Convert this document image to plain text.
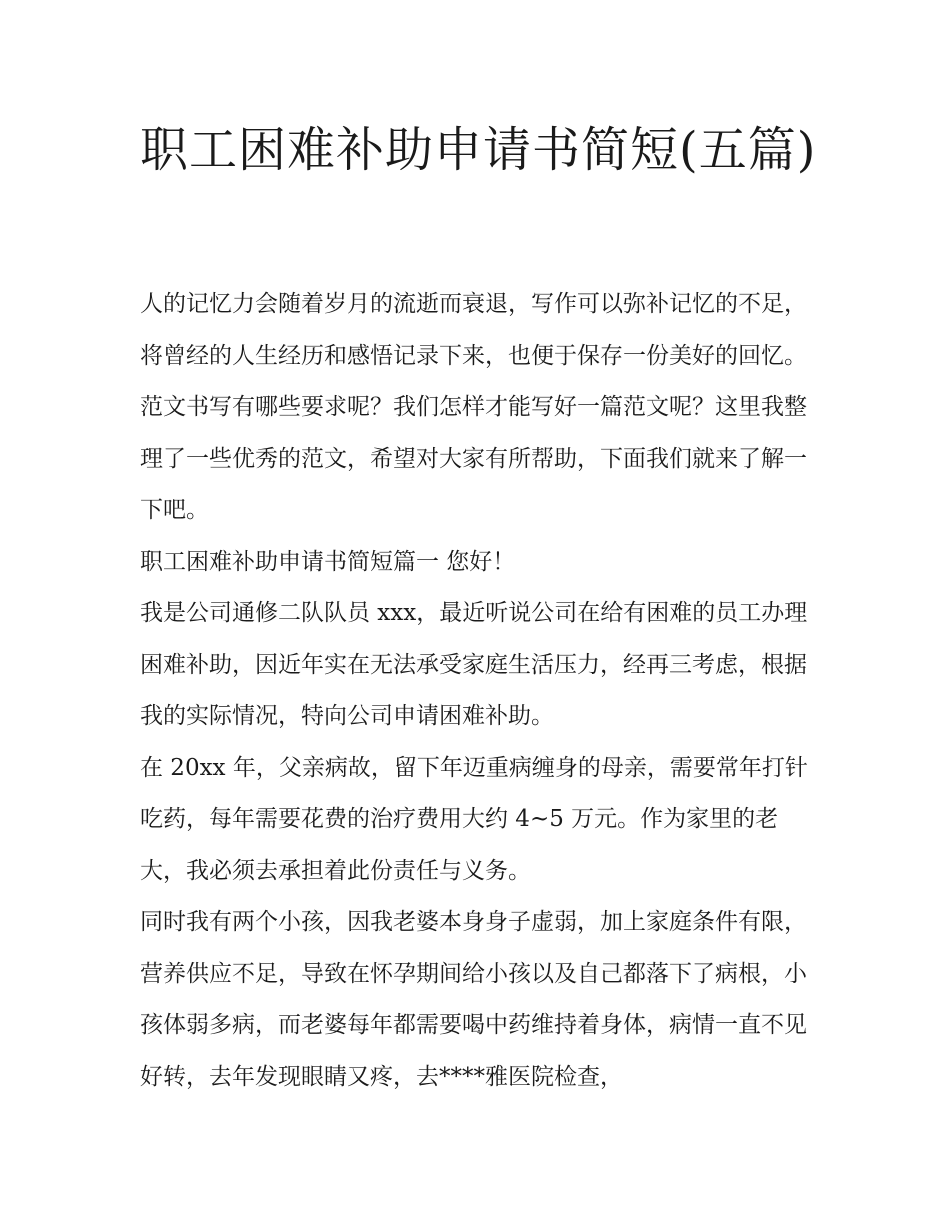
职工困难补助申请书简短(五篇)

人的记忆力会随着岁月的流逝而衰退，写作可以弥补记忆的不足，将曾经的人生经历和感悟记录下来，也便于保存一份美好的回忆。范文书写有哪些要求呢？我们怎样才能写好一篇范文呢？这里我整理了一些优秀的范文，希望对大家有所帮助，下面我们就来了解一下吧。

职工困难补助申请书简短篇一 您好！

我是公司通修二队队员 xxx，最近听说公司在给有困难的员工办理困难补助，因近年实在无法承受家庭生活压力，经再三考虑，根据我的实际情况，特向公司申请困难补助。

在 20xx 年，父亲病故，留下年迈重病缠身的母亲，需要常年打针吃药，每年需要花费的治疗费用大约 4~5 万元。作为家里的老大，我必须去承担着此份责任与义务。

同时我有两个小孩，因我老婆本身身子虚弱，加上家庭条件有限，营养供应不足，导致在怀孕期间给小孩以及自己都落下了病根，小孩体弱多病，而老婆每年都需要喝中药维持着身体，病情一直不见好转，去年发现眼睛又疼，去****雅医院检查，
